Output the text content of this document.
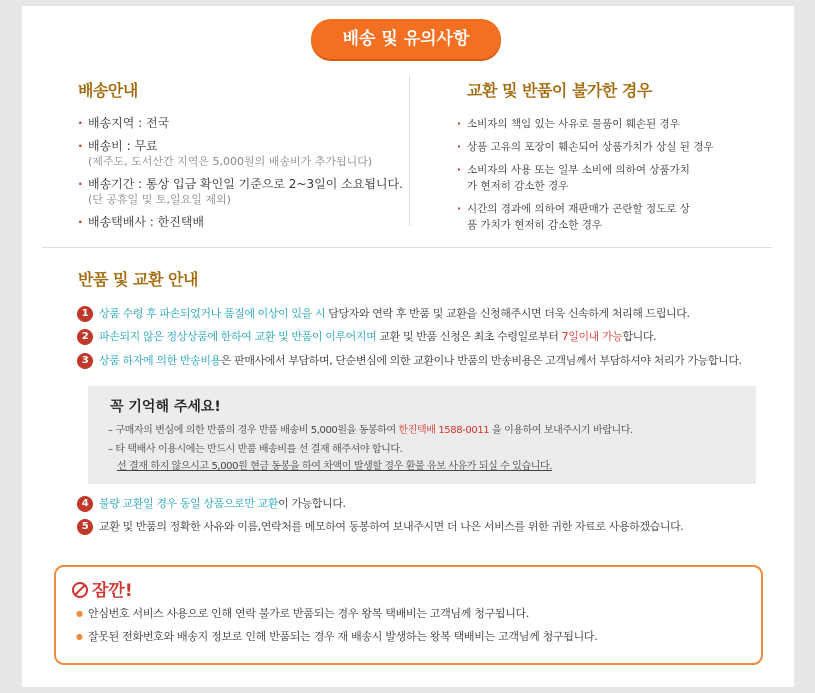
배송 및 유의사항
배송안내
· 배송지역 : 전국
· 배송비 : 무료
(제주도, 도서산간 지역은 5,000원의 배송비가 추가됩니다)
· 배송기간 : 통상 입금 확인일 기준으로 2~3일이 소요됩니다.
(단 공휴일 및 토,일요일 제외)
· 배송택배사 : 한진택배
교환 및 반품이 불가한 경우
· 소비자의 책임 있는 사유로 물품이 훼손된 경우
· 상품 고유의 포장이 훼손되어 상품가치가 상실 된 경우
· 소비자의 사용 또는 일부 소비에 의하여 상품가치가 현저히 감소한 경우
· 시간의 경과에 의하여 재판매가 곤란할 정도로 상품 가치가 현저히 감소한 경우
반품 및 교환 안내
1 상품 수령 후 파손되었거나 품질에 이상이 있을 시 담당자와 연락 후 반품 및 교환을 신청해주시면 더욱 신속하게 처리해 드립니다.
2 파손되지 않은 정상상품에 한하여 교환 및 반품이 이루어지며 교환 및 반품 신청은 최초 수령일로부터 7일이내 가능합니다.
3 상품 하자에 의한 반송비용은 판매사에서 부담하며, 단순변심에 의한 교환이나 반품의 반송비용은 고객님께서 부담하셔야 처리가 가능합니다.
꼭 기억해 주세요!
– 구매자의 변심에 의한 반품의 경우 반품 배송비 5,000원을 동봉하여 한진택배 1588-0011 을 이용하여 보내주시기 바랍니다.
– 타 택배사 이용시에는 반드시 반품 배송비를 선 결재 해주셔야 합니다.
선 결재 하지 않으시고 5,000원 현금 동봉을 하여 차액이 발생할 경우 환불 유보 사유가 되실 수 있습니다.
4 불량 교환일 경우 동일 상품으로만 교환이 가능합니다.
5 교환 및 반품의 정확한 사유와 이름,연락처를 메모하여 동봉하여 보내주시면 더 나은 서비스를 위한 귀한 자료로 사용하겠습니다.
잠깐!
● 안심번호 서비스 사용으로 인해 연락 불가로 반품되는 경우 왕복 택배비는 고객님께 청구됩니다.
● 잘못된 전화번호와 배송지 정보로 인해 반품되는 경우 재 배송시 발생하는 왕복 택배비는 고객님께 청구됩니다.
